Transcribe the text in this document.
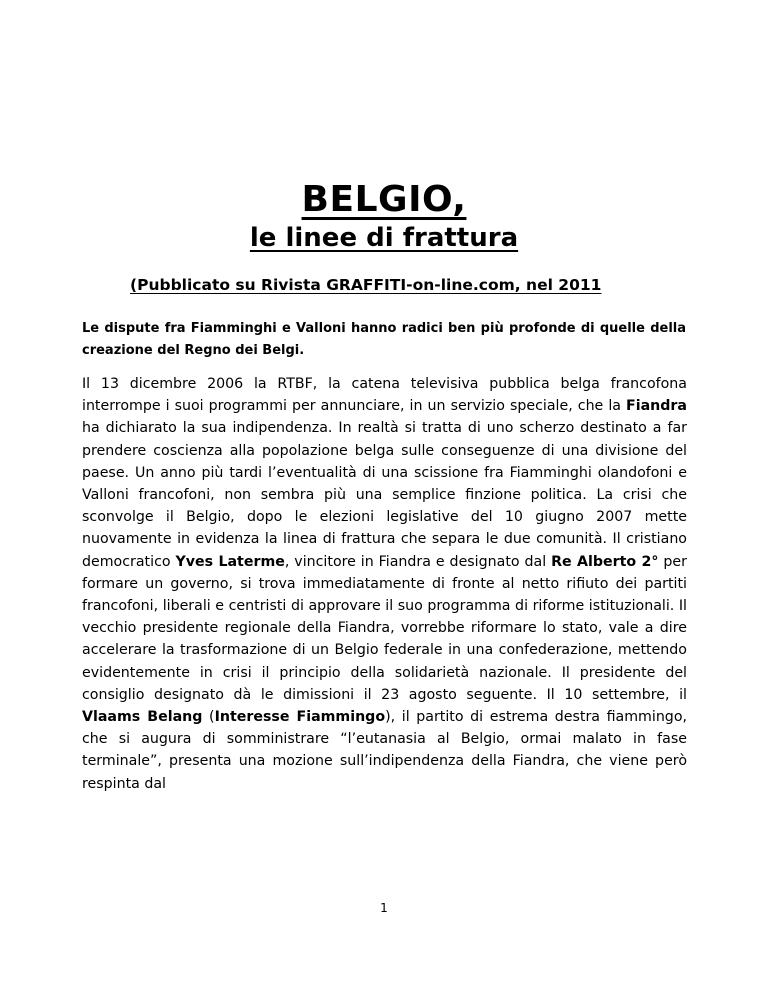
BELGIO,
le linee di frattura
(Pubblicato su Rivista GRAFFITI-on-line.com, nel 2011
Le dispute fra Fiamminghi e Valloni hanno radici ben più profonde di quelle della creazione del Regno dei Belgi.
Il 13 dicembre 2006 la RTBF, la catena televisiva pubblica belga francofona interrompe i suoi programmi per annunciare, in un servizio speciale, che la Fiandra ha dichiarato la sua indipendenza. In realtà si tratta di uno scherzo destinato a far prendere coscienza alla popolazione belga sulle conseguenze di una divisione del paese. Un anno più tardi l’eventualità di una scissione fra Fiamminghi olandofoni e Valloni francofoni, non sembra più una semplice finzione politica. La crisi che sconvolge il Belgio, dopo le elezioni legislative del 10 giugno 2007 mette nuovamente in evidenza la linea di frattura che separa le due comunità. Il cristiano democratico Yves Laterme, vincitore in Fiandra e designato dal Re Alberto 2° per formare un governo, si trova immediatamente di fronte al netto rifiuto dei partiti francofoni, liberali e centristi di approvare il suo programma di riforme istituzionali. Il vecchio presidente regionale della Fiandra, vorrebbe riformare lo stato, vale a dire accelerare la trasformazione di un Belgio federale in una confederazione, mettendo evidentemente in crisi il principio della solidarietà nazionale. Il presidente del consiglio designato dà le dimissioni il 23 agosto seguente. Il 10 settembre, il Vlaams Belang (Interesse Fiammingo), il partito di estrema destra fiammingo, che si augura di somministrare “l’eutanasia al Belgio, ormai malato in fase terminale”, presenta una mozione sull’indipendenza della Fiandra, che viene però respinta dal
1
